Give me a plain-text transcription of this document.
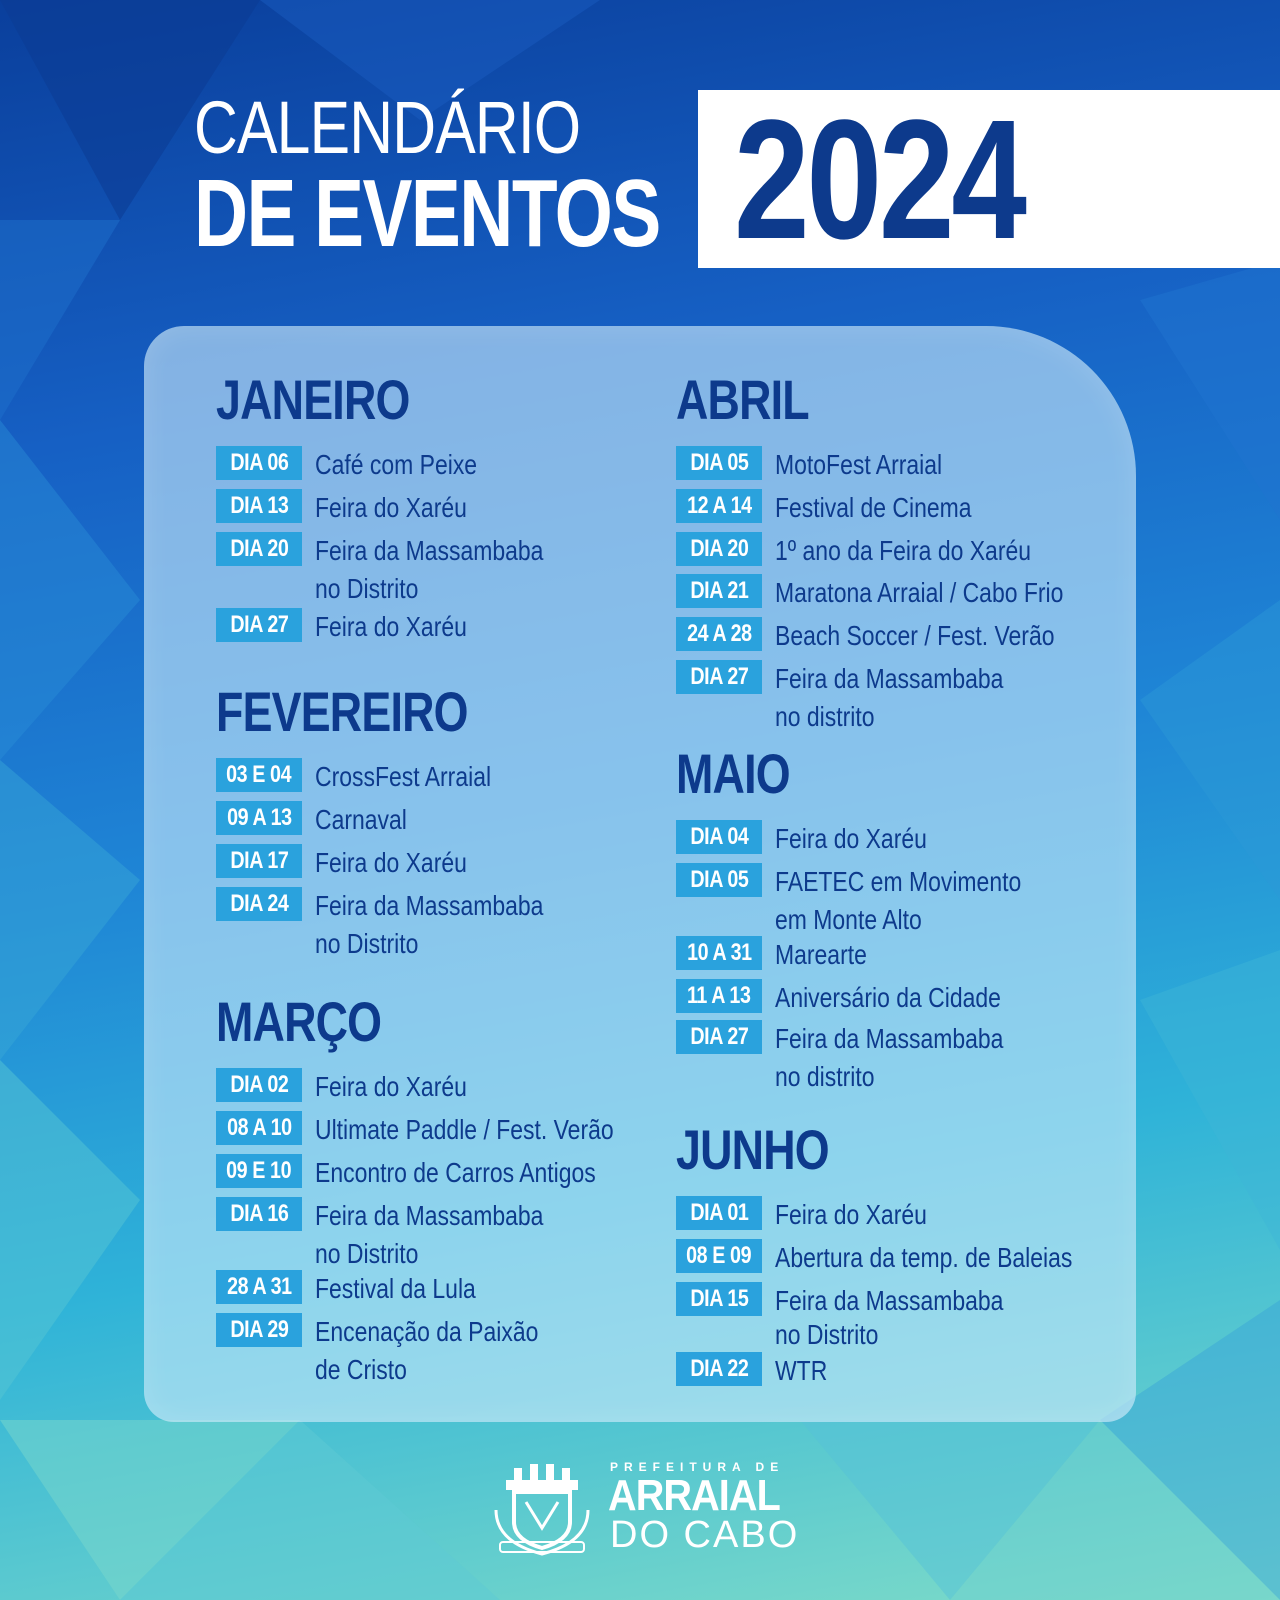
CALENDÁRIO
DE EVENTOS 2024
JANEIRO
DIA 06 Café com Peixe
DIA 13 Feira do Xaréu
DIA 20 Feira da Massambaba
no Distrito
DIA 27 Feira do Xaréu
FEVEREIRO
03 E 04 CrossFest Arraial
09 A 13 Carnaval
DIA 17 Feira do Xaréu
DIA 24 Feira da Massambaba
no Distrito
MARÇO
DIA 02 Feira do Xaréu
08 A 10 Ultimate Paddle / Fest. Verão
09 E 10 Encontro de Carros Antigos
DIA 16 Feira da Massambaba
no Distrito
28 A 31 Festival da Lula
DIA 29 Encenação da Paixão
de Cristo
ABRIL
DIA 05 MotoFest Arraial
12 A 14 Festival de Cinema
DIA 20 1º ano da Feira do Xaréu
DIA 21 Maratona Arraial / Cabo Frio
24 A 28 Beach Soccer / Fest. Verão
DIA 27 Feira da Massambaba
no distrito
MAIO
DIA 04 Feira do Xaréu
DIA 05 FAETEC em Movimento
em Monte Alto
10 A 31 Marearte
11 A 13 Aniversário da Cidade
DIA 27 Feira da Massambaba
no distrito
JUNHO
DIA 01 Feira do Xaréu
08 E 09 Abertura da temp. de Baleias
DIA 15 Feira da Massambaba
no Distrito
DIA 22 WTR
PREFEITURA DE
ARRAIAL
DO CABO
